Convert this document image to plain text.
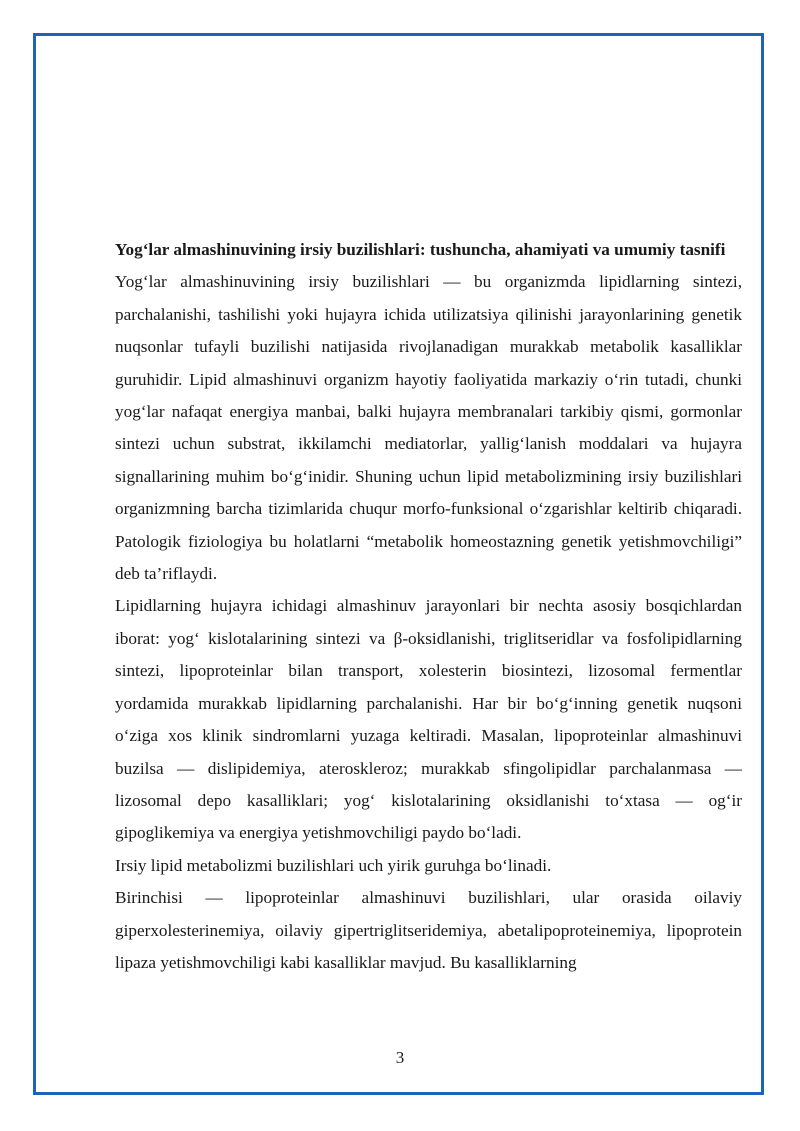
Yog‘lar almashinuvining irsiy buzilishlari: tushuncha, ahamiyati va umumiy tasnifi

Yog‘lar almashinuvining irsiy buzilishlari — bu organizmda lipidlarning sintezi, parchalanishi, tashilishi yoki hujayra ichida utilizatsiya qilinishi jarayonlarining genetik nuqsonlar tufayli buzilishi natijasida rivojlanadigan murakkab metabolik kasalliklar guruhidir. Lipid almashinuvi organizm hayotiy faoliyatida markaziy o‘rin tutadi, chunki yog‘lar nafaqat energiya manbai, balki hujayra membranalari tarkibiy qismi, gormonlar sintezi uchun substrat, ikkilamchi mediatorlar, yallig‘lanish moddalari va hujayra signallarining muhim bo‘g‘inidir. Shuning uchun lipid metabolizmining irsiy buzilishlari organizmning barcha tizimlarida chuqur morfo-funksional o‘zgarishlar keltirib chiqaradi. Patologik fiziologiya bu holatlarni “metabolik homeostazning genetik yetishmovchiligi” deb ta’riflaydi.

Lipidlarning hujayra ichidagi almashinuv jarayonlari bir nechta asosiy bosqichlardan iborat: yog‘ kislotalarining sintezi va β-oksidlanishi, triglitseridlar va fosfolipidlarning sintezi, lipoproteinlar bilan transport, xolesterin biosintezi, lizosomal fermentlar yordamida murakkab lipidlarning parchalanishi. Har bir bo‘g‘inning genetik nuqsoni o‘ziga xos klinik sindromlarni yuzaga keltiradi. Masalan, lipoproteinlar almashinuvi buzilsa — dislipidemiya, ateroskleroz; murakkab sfingolipidlar parchalanmasa — lizosomal depo kasalliklari; yog‘ kislotalarining oksidlanishi to‘xtasa — og‘ir gipoglikemiya va energiya yetishmovchiligi paydo bo‘ladi.

Irsiy lipid metabolizmi buzilishlari uch yirik guruhga bo‘linadi.

Birinchisi — lipoproteinlar almashinuvi buzilishlari, ular orasida oilaviy giperxolesterinemiya, oilaviy gipertriglitseridemiya, abetalipoproteinemiya, lipoprotein lipaza yetishmovchiligi kabi kasalliklar mavjud. Bu kasalliklarning

3
